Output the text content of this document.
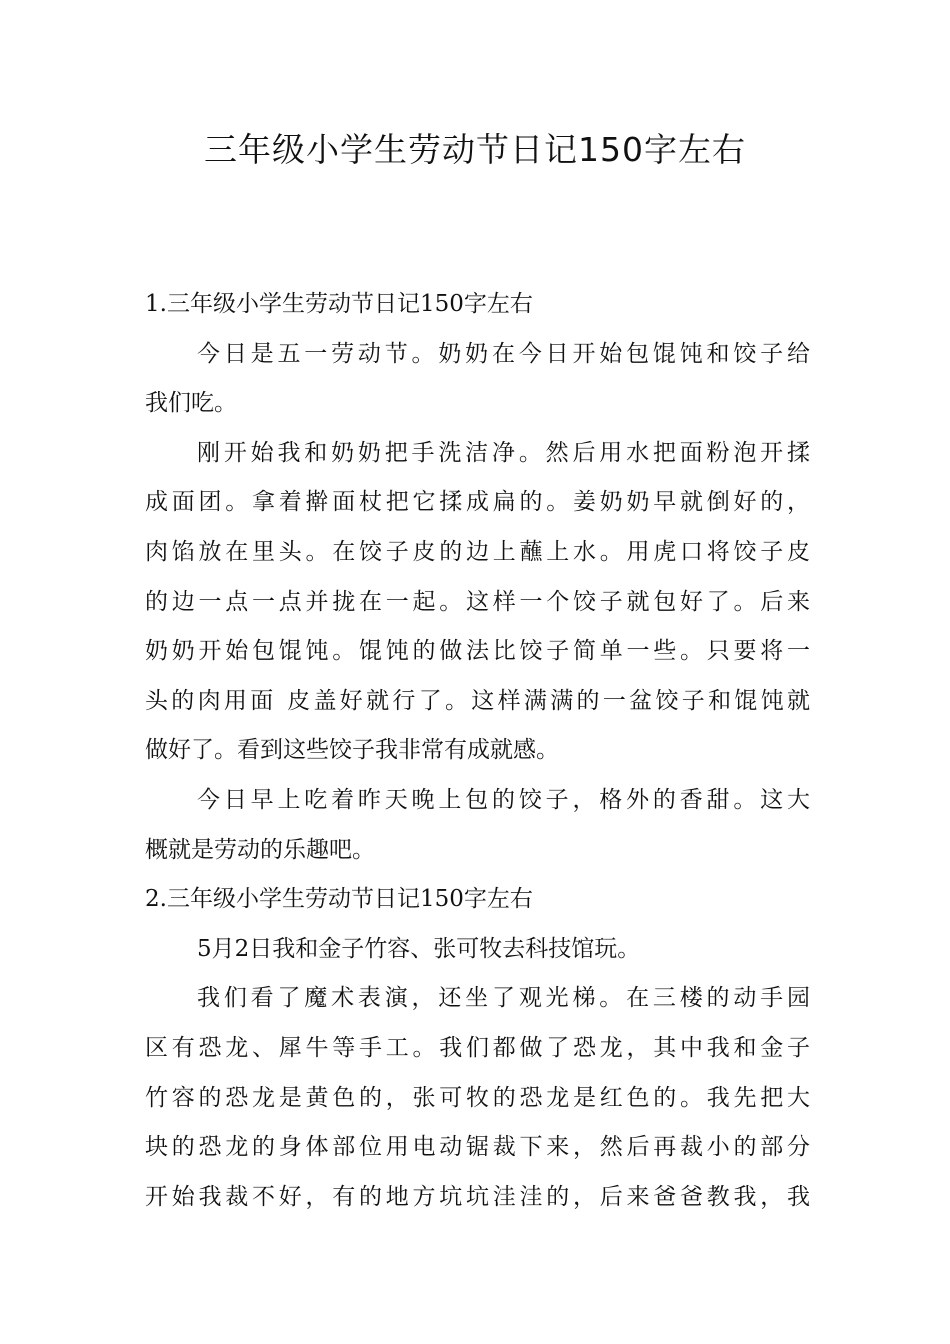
三年级小学生劳动节日记150字左右
1.三年级小学生劳动节日记150字左右
今日是五一劳动节。奶奶在今日开始包馄饨和饺子给
我们吃。
刚开始我和奶奶把手洗洁净。然后用水把面粉泡开揉
成面团。拿着擀面杖把它揉成扁的。姜奶奶早就倒好的，
肉馅放在里头。在饺子皮的边上蘸上水。用虎口将饺子皮
的边一点一点并拢在一起。这样一个饺子就包好了。后来
奶奶开始包馄饨。馄饨的做法比饺子简单一些。只要将一
头的肉用面 皮盖好就行了。这样满满的一盆饺子和馄饨就
做好了。看到这些饺子我非常有成就感。
今日早上吃着昨天晚上包的饺子，格外的香甜。这大
概就是劳动的乐趣吧。
2.三年级小学生劳动节日记150字左右
5月2日我和金子竹容、张可牧去科技馆玩。
我们看了魔术表演，还坐了观光梯。在三楼的动手园
区有恐龙、犀牛等手工。我们都做了恐龙，其中我和金子
竹容的恐龙是黄色的，张可牧的恐龙是红色的。我先把大
块的恐龙的身体部位用电动锯裁下来，然后再裁小的部分
开始我裁不好，有的地方坑坑洼洼的，后来爸爸教我，我
